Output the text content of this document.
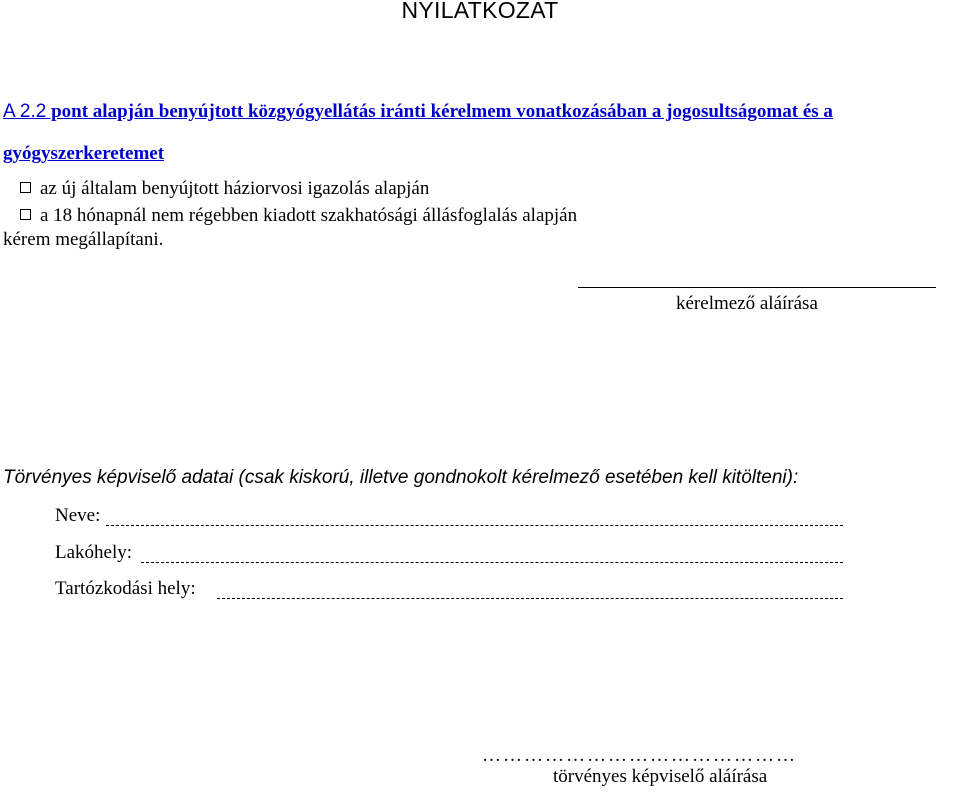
NYILATKOZAT
A 2.2 pont alapján benyújtott közgyógyellátás iránti kérelmem vonatkozásában a jogosultságomat és a
gyógyszerkeretemet
az új általam benyújtott háziorvosi igazolás alapján
a 18 hónapnál nem régebben kiadott szakhatósági állásfoglalás alapján
kérem megállapítani.
kérelmező aláírása
Törvényes képviselő adatai (csak kiskorú, illetve gondnokolt kérelmező esetében kell kitölteni):
Neve:
Lakóhely:
Tartózkodási hely:
………………………………………
törvényes képviselő aláírása
